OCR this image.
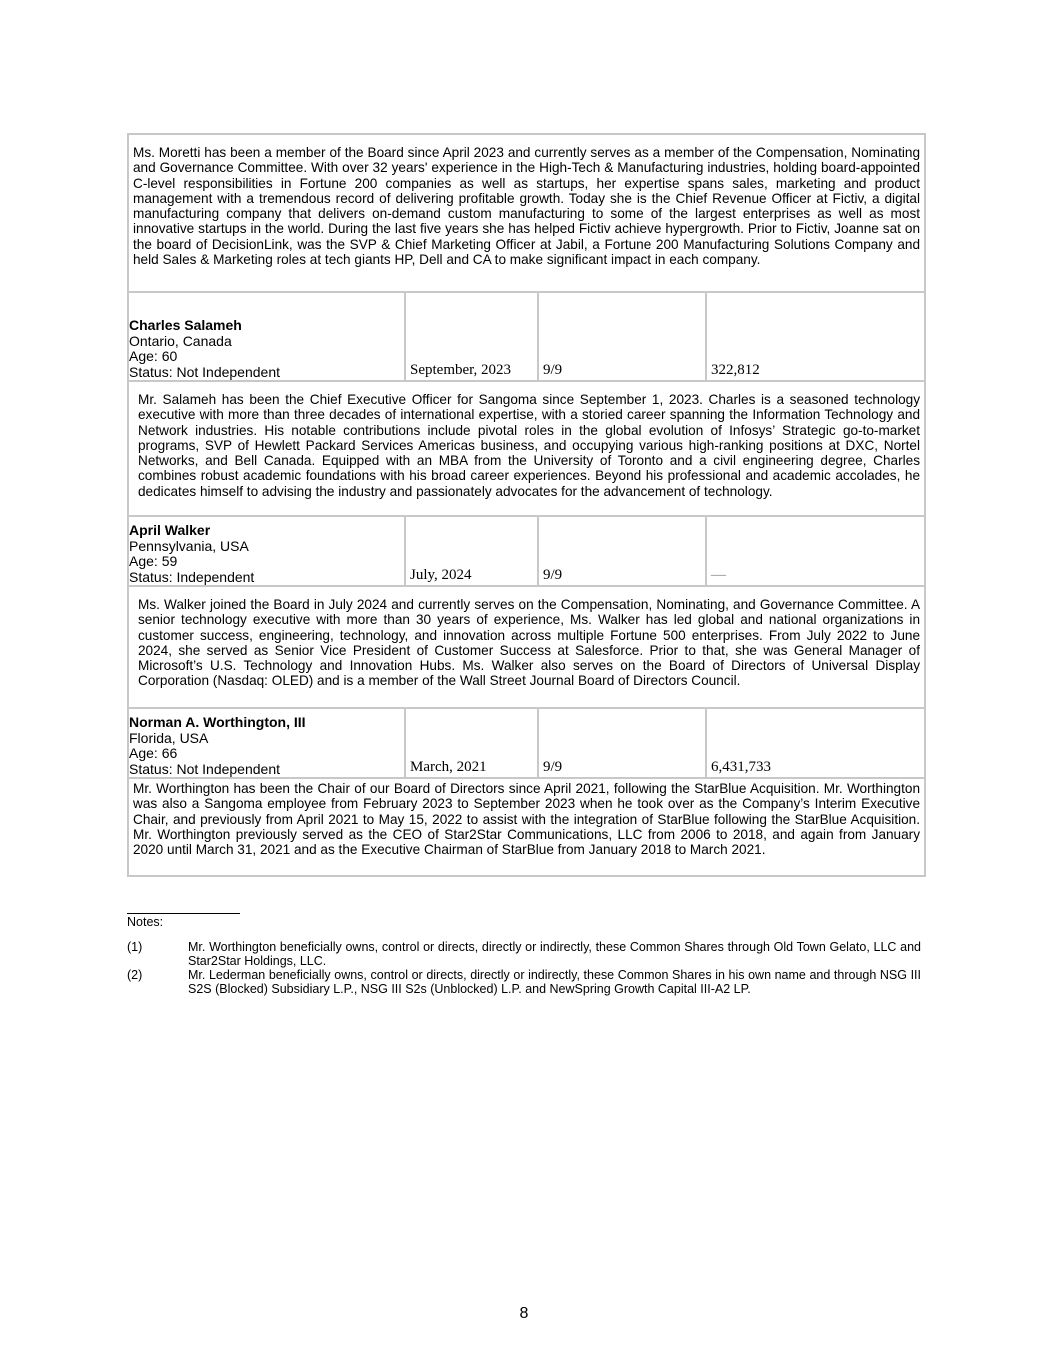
Ms. Moretti has been a member of the Board since April 2023 and currently serves as a member of the Compensation, Nominating and Governance Committee. With over 32 years' experience in the High-Tech & Manufacturing industries, holding board-appointed C-level responsibilities in Fortune 200 companies as well as startups, her expertise spans sales, marketing and product management with a tremendous record of delivering profitable growth. Today she is the Chief Revenue Officer at Fictiv, a digital manufacturing company that delivers on-demand custom manufacturing to some of the largest enterprises as well as most innovative startups in the world. During the last five years she has helped Fictiv achieve hypergrowth. Prior to Fictiv, Joanne sat on the board of DecisionLink, was the SVP & Chief Marketing Officer at Jabil, a Fortune 200 Manufacturing Solutions Company and held Sales & Marketing roles at tech giants HP, Dell and CA to make significant impact in each company.			

Charles Salameh
Ontario, Canada
Age: 60
Status: Not Independent	September, 2023	9/9	322,812

Mr. Salameh has been the Chief Executive Officer for Sangoma since September 1, 2023. Charles is a seasoned technology executive with more than three decades of international expertise, with a storied career spanning the Information Technology and Network industries. His notable contributions include pivotal roles in the global evolution of Infosys’ Strategic go-to-market programs, SVP of Hewlett Packard Services Americas business, and occupying various high-ranking positions at DXC, Nortel Networks, and Bell Canada. Equipped with an MBA from the University of Toronto and a civil engineering degree, Charles combines robust academic foundations with his broad career experiences. Beyond his professional and academic accolades, he dedicates himself to advising the industry and passionately advocates for the advancement of technology.			

April Walker
Pennsylvania, USA
Age: 59
Status: Independent	July, 2024	9/9	—

Ms. Walker joined the Board in July 2024 and currently serves on the Compensation, Nominating, and Governance Committee. A senior technology executive with more than 30 years of experience, Ms. Walker has led global and national organizations in customer success, engineering, technology, and innovation across multiple Fortune 500 enterprises. From July 2022 to June 2024, she served as Senior Vice President of Customer Success at Salesforce. Prior to that, she was General Manager of Microsoft’s U.S. Technology and Innovation Hubs. Ms. Walker also serves on the Board of Directors of Universal Display Corporation (Nasdaq: OLED) and is a member of the Wall Street Journal Board of Directors Council.			

Norman A. Worthington, III
Florida, USA
Age: 66
Status: Not Independent	March, 2021	9/9	6,431,733

Mr. Worthington has been the Chair of our Board of Directors since April 2021, following the StarBlue Acquisition. Mr. Worthington was also a Sangoma employee from February 2023 to September 2023 when he took over as the Company’s Interim Executive Chair, and previously from April 2021 to May 15, 2022 to assist with the integration of StarBlue following the StarBlue Acquisition. Mr. Worthington previously served as the CEO of Star2Star Communications, LLC from 2006 to 2018, and again from January 2020 until March 31, 2021 and as the Executive Chairman of StarBlue from January 2018 to March 2021.			
Notes:
(1)	Mr. Worthington beneficially owns, control or directs, directly or indirectly, these Common Shares through Old Town Gelato, LLC and Star2Star Holdings, LLC.
(2)	Mr. Lederman beneficially owns, control or directs, directly or indirectly, these Common Shares in his own name and through NSG III S2S (Blocked) Subsidiary L.P., NSG III S2s (Unblocked) L.P. and NewSpring Growth Capital III-A2 LP.
8
